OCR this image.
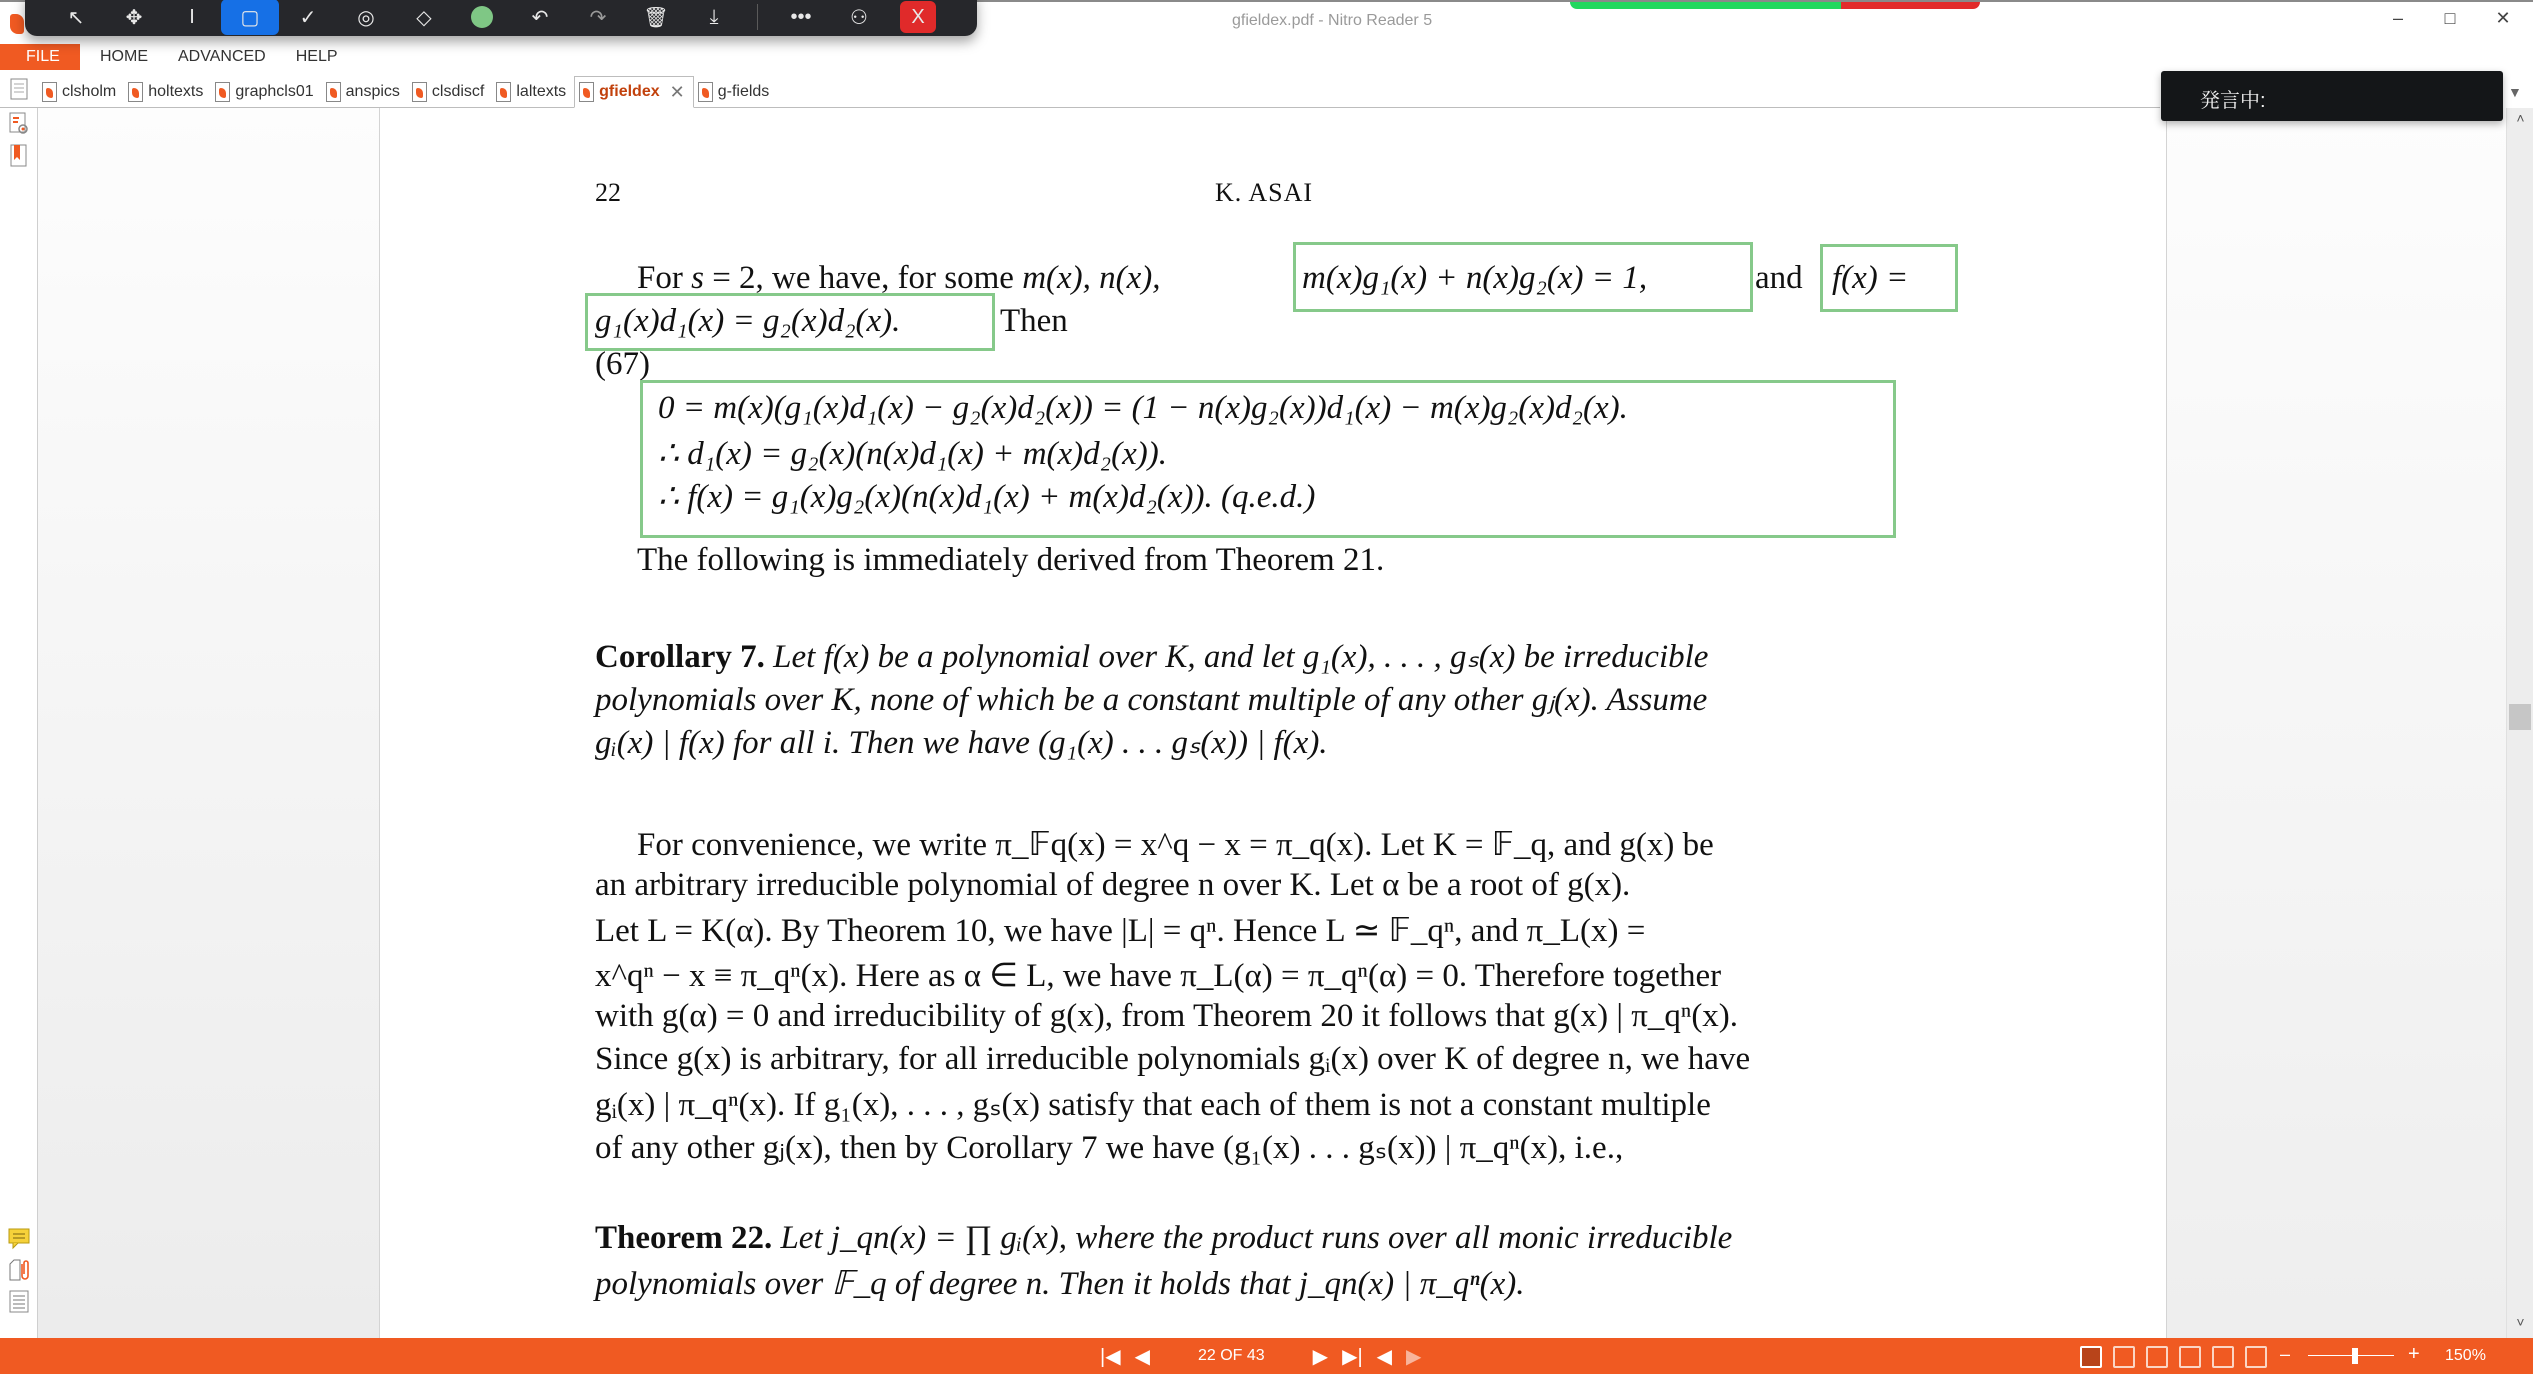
gfieldex.pdf - Nitro Reader 5	–	□	✕
↖	✥	I	▢	✓	◎	◇	↶	↷	🗑	⤓	•••	⚇	X
FILE	HOME	ADVANCED	HELP
clsholm holtexts graphcls01 anspics clsdiscf laltexts gfieldex ✕ g-fields	▼
˄
˅
発言中:
22	K. ASAI
For s = 2, we have, for some m(x), n(x),	m(x)g₁(x) + n(x)g₂(x) = 1,	and f(x) =
g₁(x)d₁(x) = g₂(x)d₂(x).	Then
(67)
0 = m(x)(g₁(x)d₁(x) − g₂(x)d₂(x)) = (1 − n(x)g₂(x))d₁(x) − m(x)g₂(x)d₂(x).
∴ d₁(x) = g₂(x)(n(x)d₁(x) + m(x)d₂(x)).
∴ f(x) = g₁(x)g₂(x)(n(x)d₁(x) + m(x)d₂(x)). (q.e.d.)
The following is immediately derived from Theorem 21.
Corollary 7. Let f(x) be a polynomial over K, and let g₁(x), . . . , gₛ(x) be irreducible
polynomials over K, none of which be a constant multiple of any other gⱼ(x). Assume
gᵢ(x) | f(x) for all i. Then we have (g₁(x) . . . gₛ(x)) | f(x).
For convenience, we write π_𝔽q(x) = x^q − x = π_q(x). Let K = 𝔽_q, and g(x) be
an arbitrary irreducible polynomial of degree n over K. Let α be a root of g(x).
Let L = K(α). By Theorem 10, we have |L| = qⁿ. Hence L ≃ 𝔽_qⁿ, and π_L(x) =
x^qⁿ − x ≡ π_qⁿ(x). Here as α ∈ L, we have π_L(α) = π_qⁿ(α) = 0. Therefore together
with g(α) = 0 and irreducibility of g(x), from Theorem 20 it follows that g(x) | π_qⁿ(x).
Since g(x) is arbitrary, for all irreducible polynomials gᵢ(x) over K of degree n, we have
gᵢ(x) | π_qⁿ(x). If g₁(x), . . . , gₛ(x) satisfy that each of them is not a constant multiple
of any other gⱼ(x), then by Corollary 7 we have (g₁(x) . . . gₛ(x)) | π_qⁿ(x), i.e.,
Theorem 22. Let j_qn(x) = ∏ gᵢ(x), where the product runs over all monic irreducible
polynomials over 𝔽_q of degree n. Then it holds that j_qn(x) | π_qⁿ(x).
|◀ ◀	22 OF 43 ▶ ▶| ◀ ▶	–	+ 150%
